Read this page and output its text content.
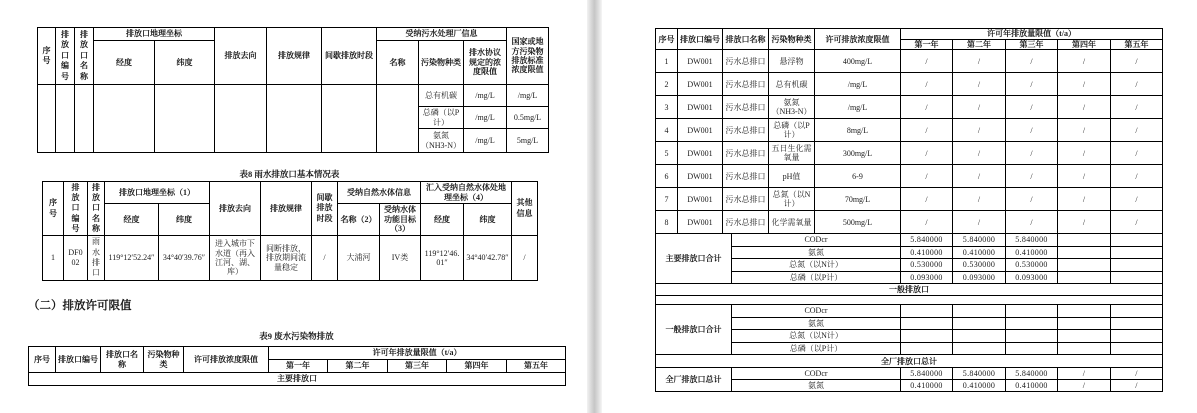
序号	排放口编号	排放口名称	排放口地理坐标		排放去向	排放规律	间歇排放时段	受纳污水处理厂信息			国家或地方污染物排放标准浓度限值
			经度	纬度				名称	污染物种类	排水协议规定的浓度限值	
									总有机碳	/mg/L	/mg/L
									总磷（以P计）	/mg/L	0.5mg/L
									氨氮（NH3-N）	/mg/L	5mg/L
表8 雨水排放口基本情况表
序号	排放口编号	排放口名称	排放口地理坐标（1）		排放去向	排放规律	间歇排放时段	受纳自然水体信息		汇入受纳自然水体处地理坐标（4）		其他信息
			经度	纬度				名称（2）	受纳水体功能目标（3）	经度	纬度	
1	DF002	雨水排口	119°12′52.24″	34°40′39.76″	进入城市下水道（再入江河、湖、库）	间断排放，排放期间流量稳定	/	大浦河	IV类	119°12′46.01″	34°40′42.78″	/
（二）排放许可限值
表9 废水污染物排放
序号	排放口编号	排放口名称	污染物种类	许可排放浓度限值	许可年排放量限值（t/a）				
					第一年	第二年	第三年	第四年	第五年
主要排放口									
序号	排放口编号	排放口名称	污染物种类	许可排放浓度限值	许可年排放量限值（t/a）				
					第一年	第二年	第三年	第四年	第五年
1	DW001	污水总排口	悬浮物	400mg/L	/	/	/	/	/
2	DW001	污水总排口	总有机碳	/mg/L	/	/	/	/	/
3	DW001	污水总排口	氨氮（NH3-N）	/mg/L	/	/	/	/	/
4	DW001	污水总排口	总磷（以P计）	8mg/L	/	/	/	/	/
5	DW001	污水总排口	五日生化需氧量	300mg/L	/	/	/	/	/
6	DW001	污水总排口	pH值	6-9	/	/	/	/	/
7	DW001	污水总排口	总氮（以N计）	70mg/L	/	/	/	/	/
8	DW001	污水总排口	化学需氧量	500mg/L	/	/	/	/	/
主要排放口合计	CODcr	5.840000	5.840000	5.840000		
	氨氮	0.410000	0.410000	0.410000		
	总氮（以N计）	0.530000	0.530000	0.530000		
	总磷（以P计）	0.093000	0.093000	0.093000		
一般排放口						

一般排放口合计	CODcr					
	氨氮					
	总氮（以N计）					
	总磷（以P计）					
全厂排放口总计						
全厂排放口总计	CODcr	5.840000	5.840000	5.840000	/	/
	氨氮	0.410000	0.410000	0.410000	/	/
